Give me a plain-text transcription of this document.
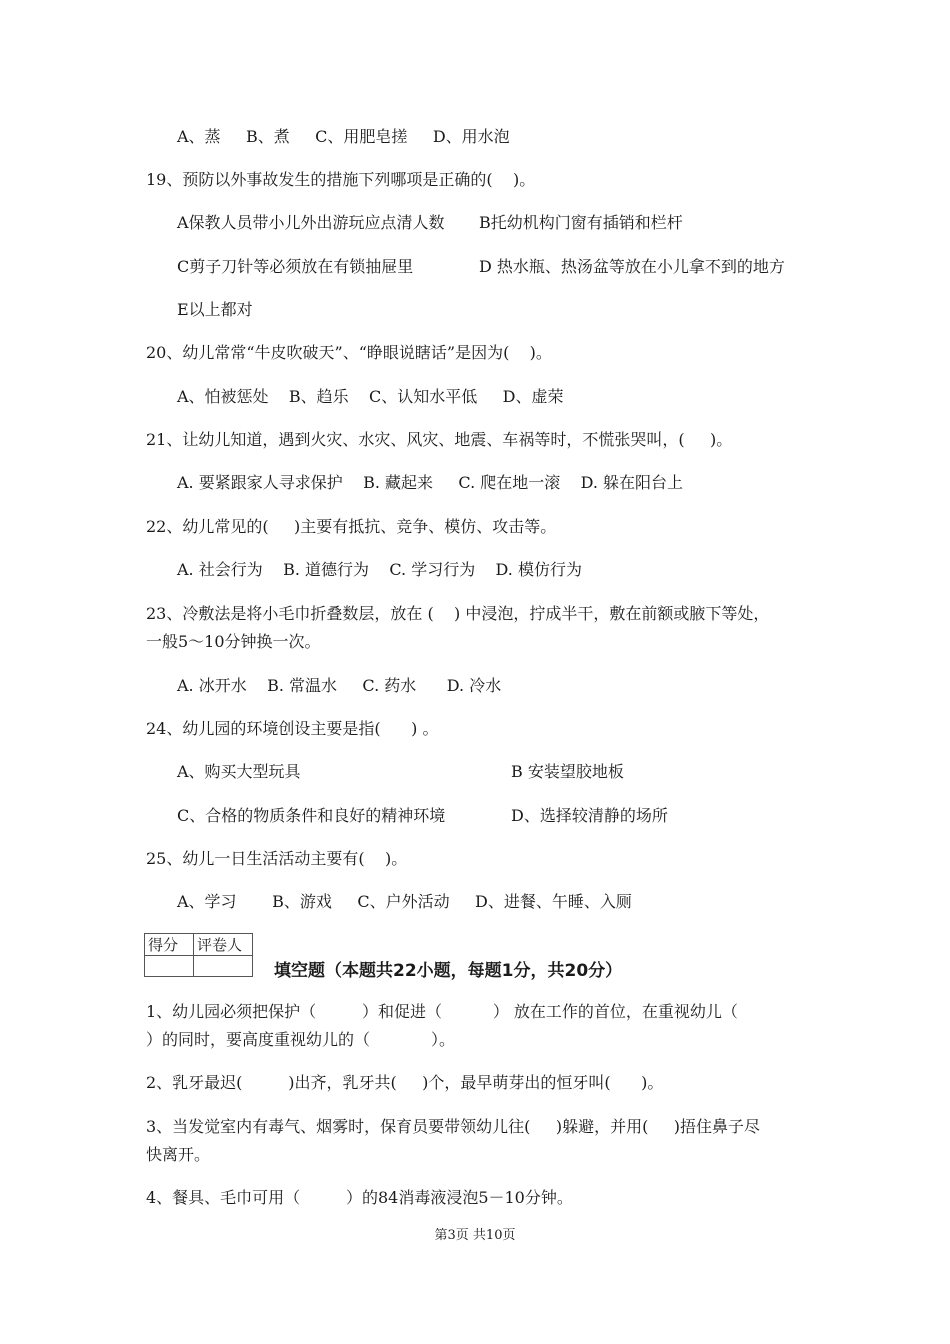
A、蒸     B、煮     C、用肥皂搓     D、用水泡
19、预防以外事故发生的措施下列哪项是正确的(    )。
A保教人员带小儿外出游玩应点清人数 B托幼机构门窗有插销和栏杆
C剪子刀针等必须放在有锁抽屉里	D 热水瓶、热汤盆等放在小儿拿不到的地方
E以上都对
20、幼儿常常“牛皮吹破天”、“睁眼说瞎话”是因为(    )。
A、怕被惩处    B、趋乐    C、认知水平低     D、虚荣
21、让幼儿知道，遇到火灾、水灾、风灾、地震、车祸等时，不慌张哭叫，(     )。
A. 要紧跟家人寻求保护    B. 藏起来     C. 爬在地一滚    D. 躲在阳台上
22、幼儿常见的(     )主要有抵抗、竞争、模仿、攻击等。
A. 社会行为    B. 道德行为    C. 学习行为    D. 模仿行为
23、冷敷法是将小毛巾折叠数层，放在 (    ) 中浸泡，拧成半干，敷在前额或腋下等处，
一般5～10分钟换一次。
A. 冰开水    B. 常温水     C. 药水      D. 冷水
24、幼儿园的环境创设主要是指(      ) 。
A、购买大型玩具	B 安装望胶地板
C、合格的物质条件和良好的精神环境	D、选择较清静的场所
25、幼儿一日生活活动主要有(    )。
A、学习       B、游戏     C、户外活动     D、进餐、午睡、入厕
得分	评卷人

填空题（本题共22小题，每题1分，共20分）
1、幼儿园必须把保护（         ）和促进（          ） 放在工作的首位，在重视幼儿（
）的同时，要高度重视幼儿的（            ）。
2、乳牙最迟(         )出齐，乳牙共(     )个，最早萌芽出的恒牙叫(      )。
3、当发觉室内有毒气、烟雾时，保育员要带领幼儿往(     )躲避，并用(     )捂住鼻子尽
快离开。
4、餐具、毛巾可用（         ）的84消毒液浸泡5－10分钟。
第3页 共10页
